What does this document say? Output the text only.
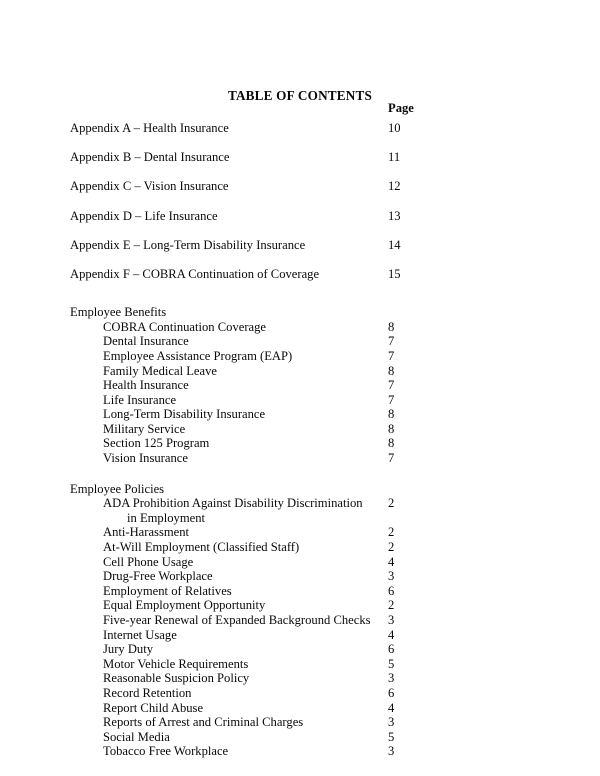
TABLE OF CONTENTS
Page
Appendix A – Health Insurance	10
Appendix B – Dental Insurance	11
Appendix C – Vision Insurance	12
Appendix D – Life Insurance	13
Appendix E – Long-Term Disability Insurance	14
Appendix F – COBRA Continuation of Coverage	15
Employee Benefits
COBRA Continuation Coverage	8
Dental Insurance	7
Employee Assistance Program (EAP)	7
Family Medical Leave	8
Health Insurance	7
Life Insurance	7
Long-Term Disability Insurance	8
Military Service	8
Section 125 Program	8
Vision Insurance	7
Employee Policies
ADA Prohibition Against Disability Discrimination 2
in Employment
Anti-Harassment	2
At-Will Employment (Classified Staff)	2
Cell Phone Usage	4
Drug-Free Workplace	3
Employment of Relatives	6
Equal Employment Opportunity	2
Five-year Renewal of Expanded Background Checks 3
Internet Usage	4
Jury Duty	6
Motor Vehicle Requirements	5
Reasonable Suspicion Policy	3
Record Retention	6
Report Child Abuse	4
Reports of Arrest and Criminal Charges	3
Social Media	5
Tobacco Free Workplace	3
